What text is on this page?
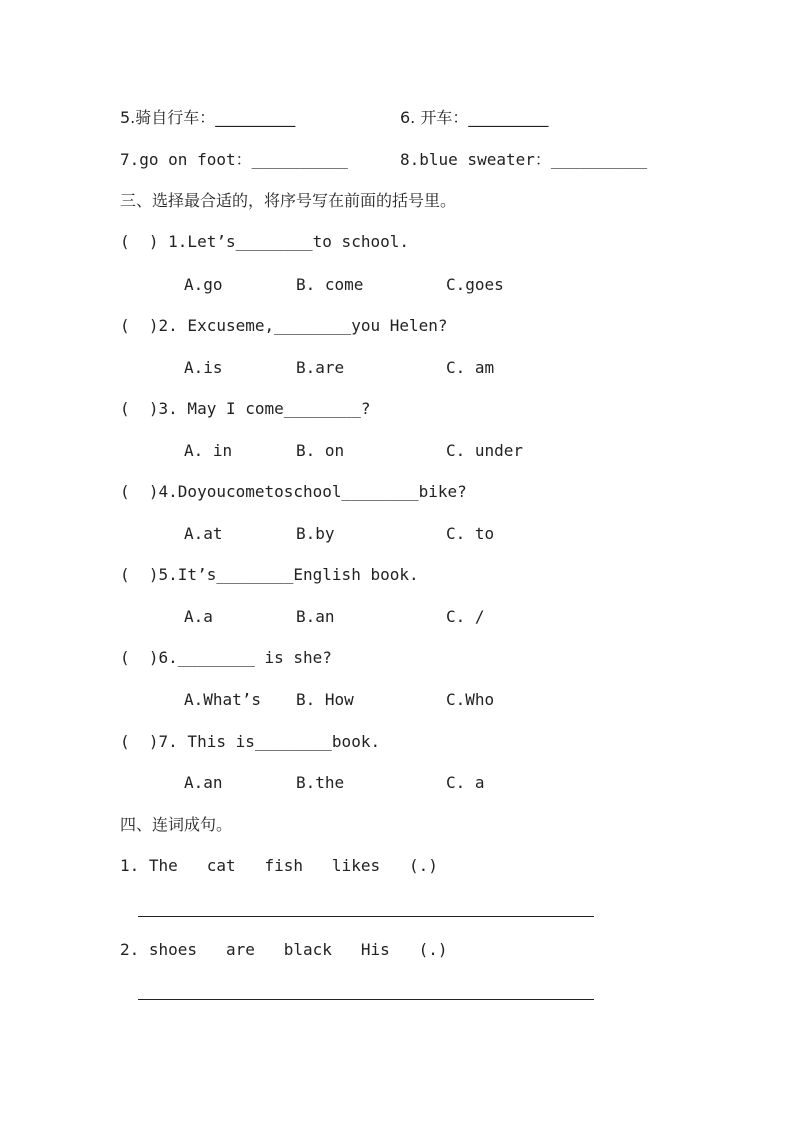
5.骑自行车：__________	6. 开车：__________
7.go on foot：__________	8.blue sweater：__________
三、选择最合适的，将序号写在前面的括号里。
(  ) 1.Let’s________to school.
A.go	B. come	C.goes
(  )2. Excuseme,________you Helen?
A.is	B.are	C. am
(  )3. May I come________?
A. in	B. on	C. under
(  )4.Doyoucometoschool________bike?
A.at	B.by	C. to
(  )5.It’s________English book.
A.a	B.an	C. /
(  )6.________ is she?
A.What’s B. How	C.Who
(  )7. This is________book.
A.an	B.the	C. a
四、连词成句。
1. The   cat   fish   likes   (.)
2. shoes   are   black   His   (.)
